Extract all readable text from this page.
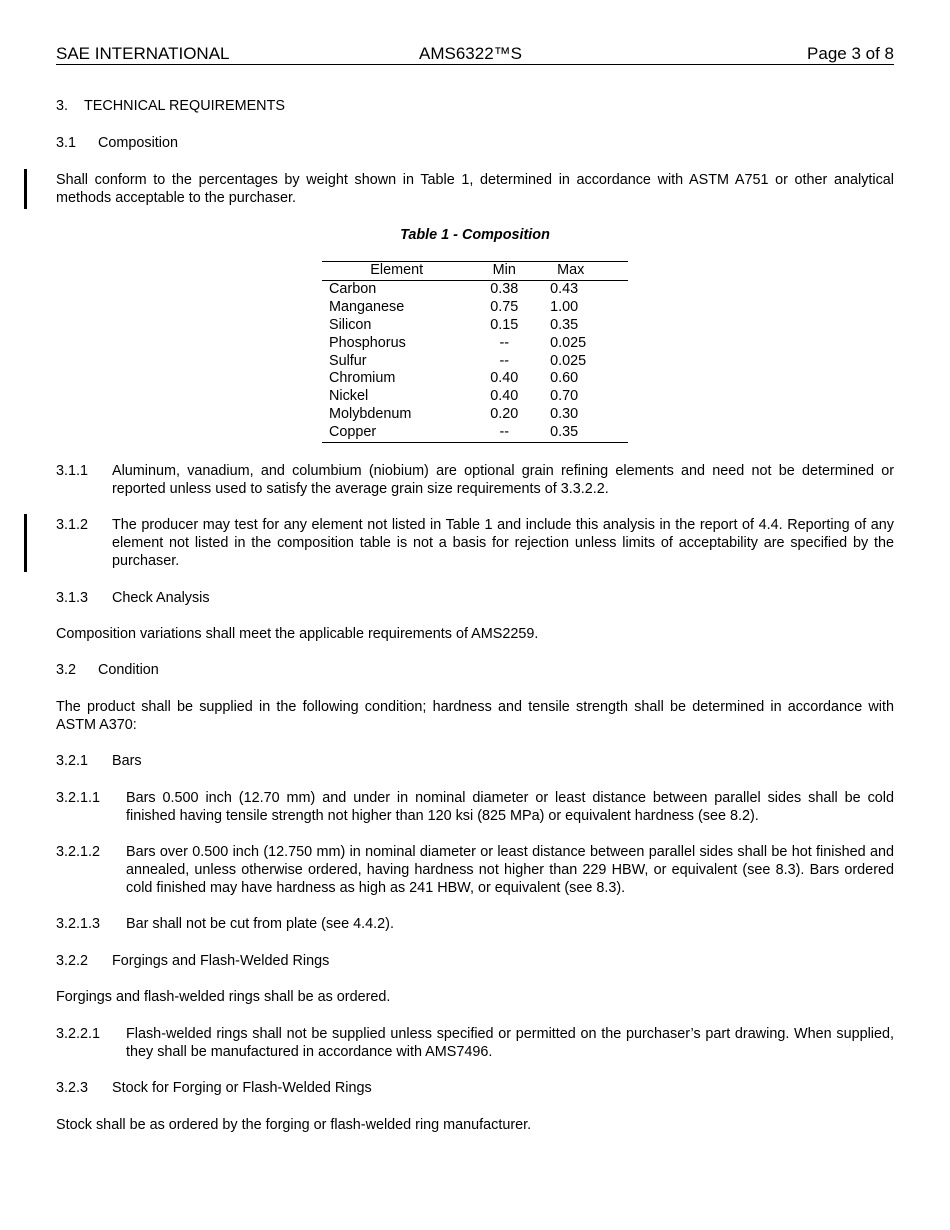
SAE INTERNATIONAL	AMS6322™S	Page 3 of 8
3. TECHNICAL REQUIREMENTS
3.1 Composition
Shall conform to the percentages by weight shown in Table 1, determined in accordance with ASTM A751 or other analytical methods acceptable to the purchaser.
Table 1 - Composition
Element	Min	Max
Carbon	0.38	0.43
Manganese	0.75	1.00
Silicon	0.15	0.35
Phosphorus	--	0.025
Sulfur	--	0.025
Chromium	0.40	0.60
Nickel	0.40	0.70
Molybdenum	0.20	0.30
Copper	--	0.35
3.1.1 Aluminum, vanadium, and columbium (niobium) are optional grain refining elements and need not be determined or reported unless used to satisfy the average grain size requirements of 3.3.2.2.
3.1.2 The producer may test for any element not listed in Table 1 and include this analysis in the report of 4.4. Reporting of any element not listed in the composition table is not a basis for rejection unless limits of acceptability are specified by the purchaser.
3.1.3 Check Analysis
Composition variations shall meet the applicable requirements of AMS2259.
3.2 Condition
The product shall be supplied in the following condition; hardness and tensile strength shall be determined in accordance with ASTM A370:
3.2.1 Bars
3.2.1.1 Bars 0.500 inch (12.70 mm) and under in nominal diameter or least distance between parallel sides shall be cold finished having tensile strength not higher than 120 ksi (825 MPa) or equivalent hardness (see 8.2).
3.2.1.2 Bars over 0.500 inch (12.750 mm) in nominal diameter or least distance between parallel sides shall be hot finished and annealed, unless otherwise ordered, having hardness not higher than 229 HBW, or equivalent (see 8.3). Bars ordered cold finished may have hardness as high as 241 HBW, or equivalent (see 8.3).
3.2.1.3 Bar shall not be cut from plate (see 4.4.2).
3.2.2 Forgings and Flash-Welded Rings
Forgings and flash-welded rings shall be as ordered.
3.2.2.1 Flash-welded rings shall not be supplied unless specified or permitted on the purchaser’s part drawing. When supplied, they shall be manufactured in accordance with AMS7496.
3.2.3 Stock for Forging or Flash-Welded Rings
Stock shall be as ordered by the forging or flash-welded ring manufacturer.
